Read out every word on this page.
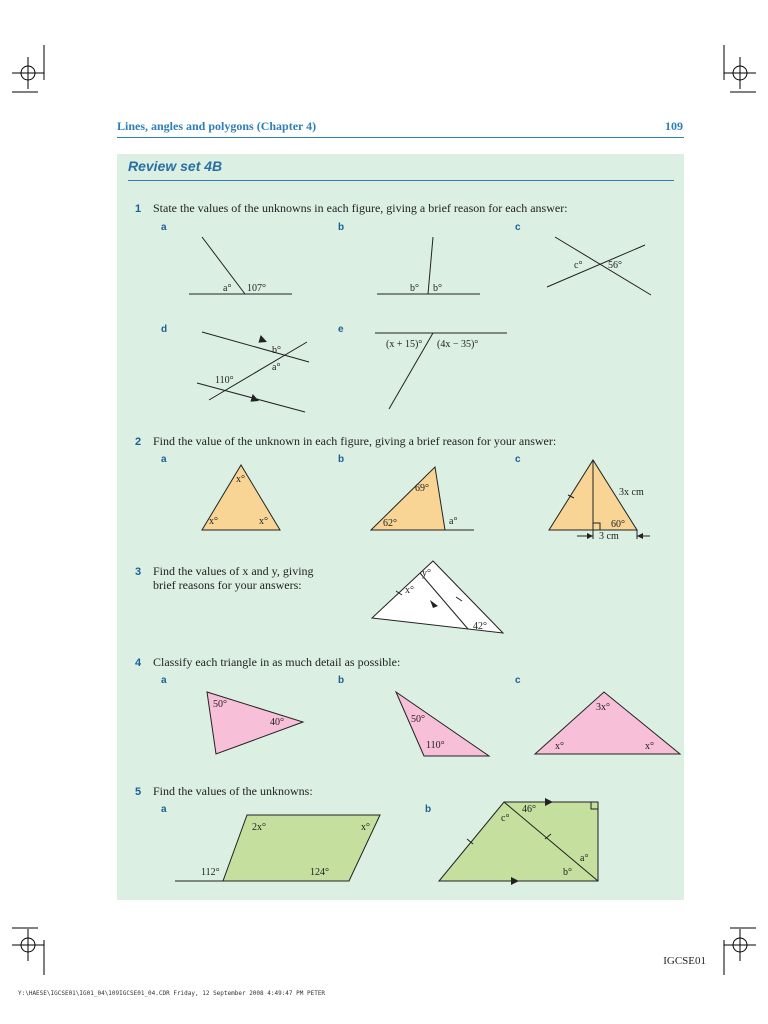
Lines, angles and polygons (Chapter 4)	109
Review set 4B
1 State the values of the unknowns in each figure, giving a brief reason for each answer:
a	b	c
d	e
a° 107°	b° b°
c°	56°
b°
a°
110°
(x + 15)° (4x − 35)°
2 Find the value of the unknown in each figure, giving a brief reason for your answer:
a	b	c
x°
x°	x°
69°
62°	a°
3x cm
60°
3 cm
3 Find the values of x and y, giving
brief reasons for your answers:
y°
x°
42°
4 Classify each triangle in as much detail as possible:
a	b	c
50°
40°	50°
110°
3x°
x°	x°
5 Find the values of the unknowns:
a	b
2x°	x°
112°	124°
46°
c°
a°
b°
IGCSE01
Y:\HAESE\IGCSE01\IG01_04\109IGCSE01_04.CDR Friday, 12 September 2008 4:49:47 PM PETER
